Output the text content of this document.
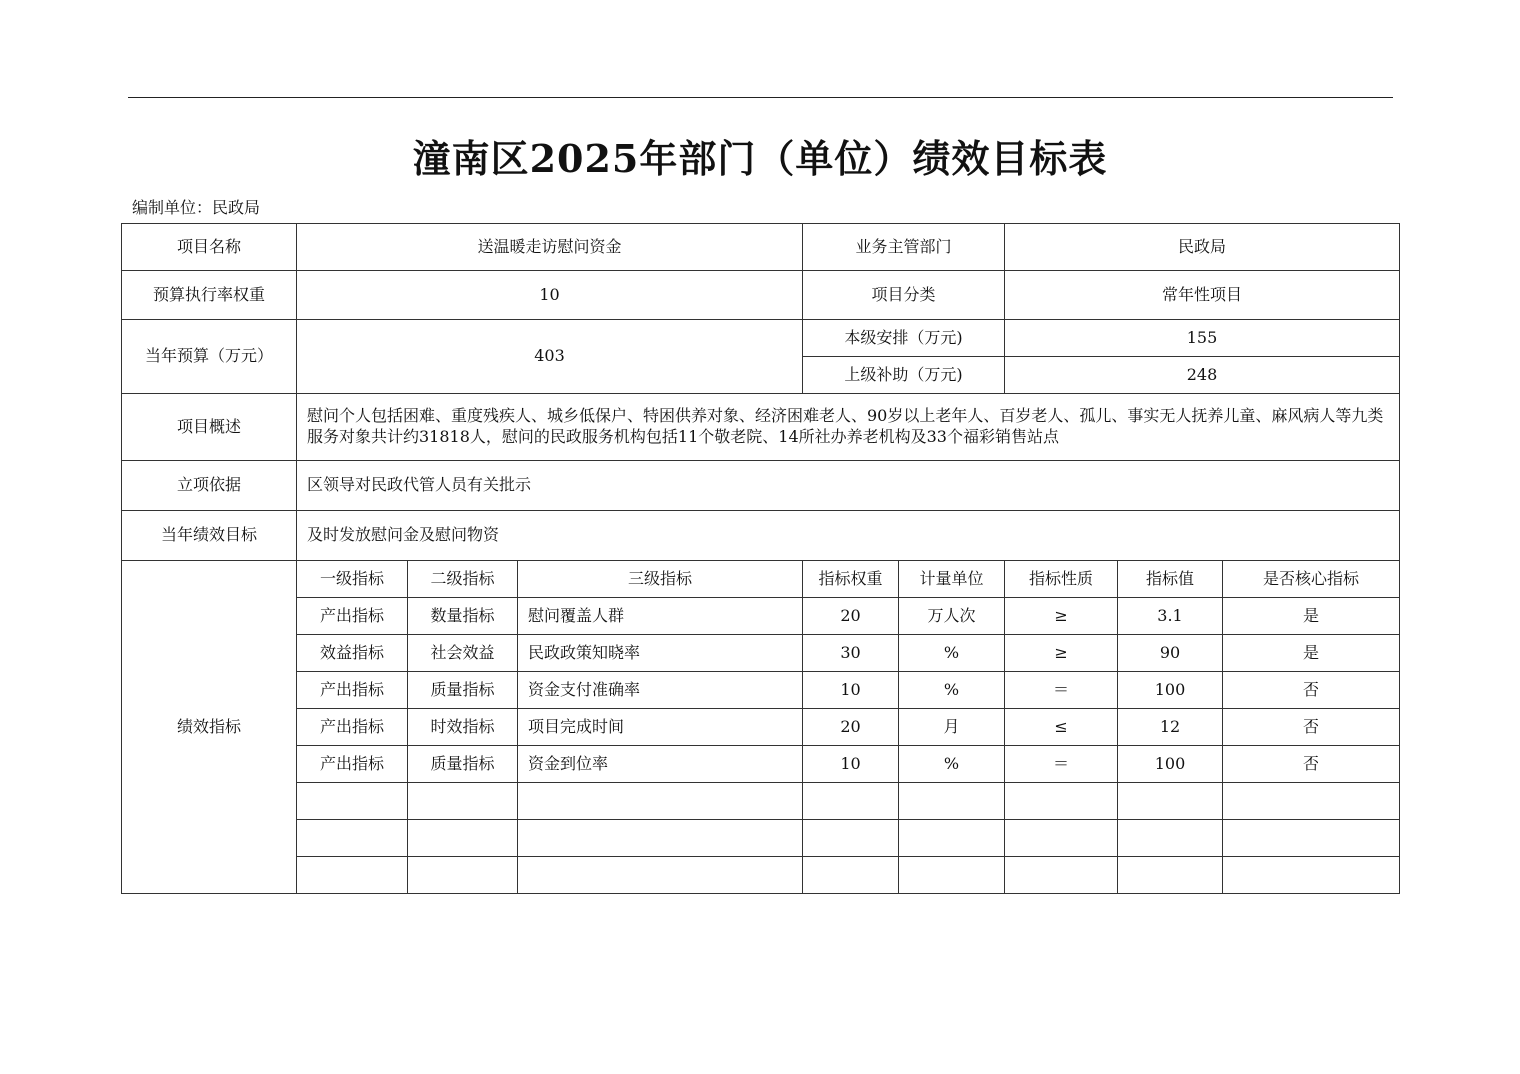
潼南区2025年部门（单位）绩效目标表
编制单位：民政局
项目名称	送温暖走访慰问资金			业务主管部门		民政局		
预算执行率权重	10			项目分类		常年性项目		
当年预算（万元）	403			本级安排（万元)		155		
				上级补助（万元)		248		
项目概述	慰问个人包括困难、重度残疾人、城乡低保户、特困供养对象、经济困难老人、90岁以上老年人、百岁老人、孤儿、事实无人抚养儿童、麻风病人等九类服务对象共计约31818人，慰问的民政服务机构包括11个敬老院、14所社办养老机构及33个福彩销售站点							
立项依据	区领导对民政代管人员有关批示							
当年绩效目标	及时发放慰问金及慰问物资							
绩效指标	一级指标	二级指标	三级指标	指标权重	计量单位	指标性质	指标值	是否核心指标
	产出指标	数量指标	慰问覆盖人群	20	万人次	≥	3.1	是
	效益指标	社会效益	民政政策知晓率	30	%	≥	90	是
	产出指标	质量指标	资金支付准确率	10	%	＝	100	否
	产出指标	时效指标	项目完成时间	20	月	≤	12	否
	产出指标	质量指标	资金到位率	10	%	＝	100	否
